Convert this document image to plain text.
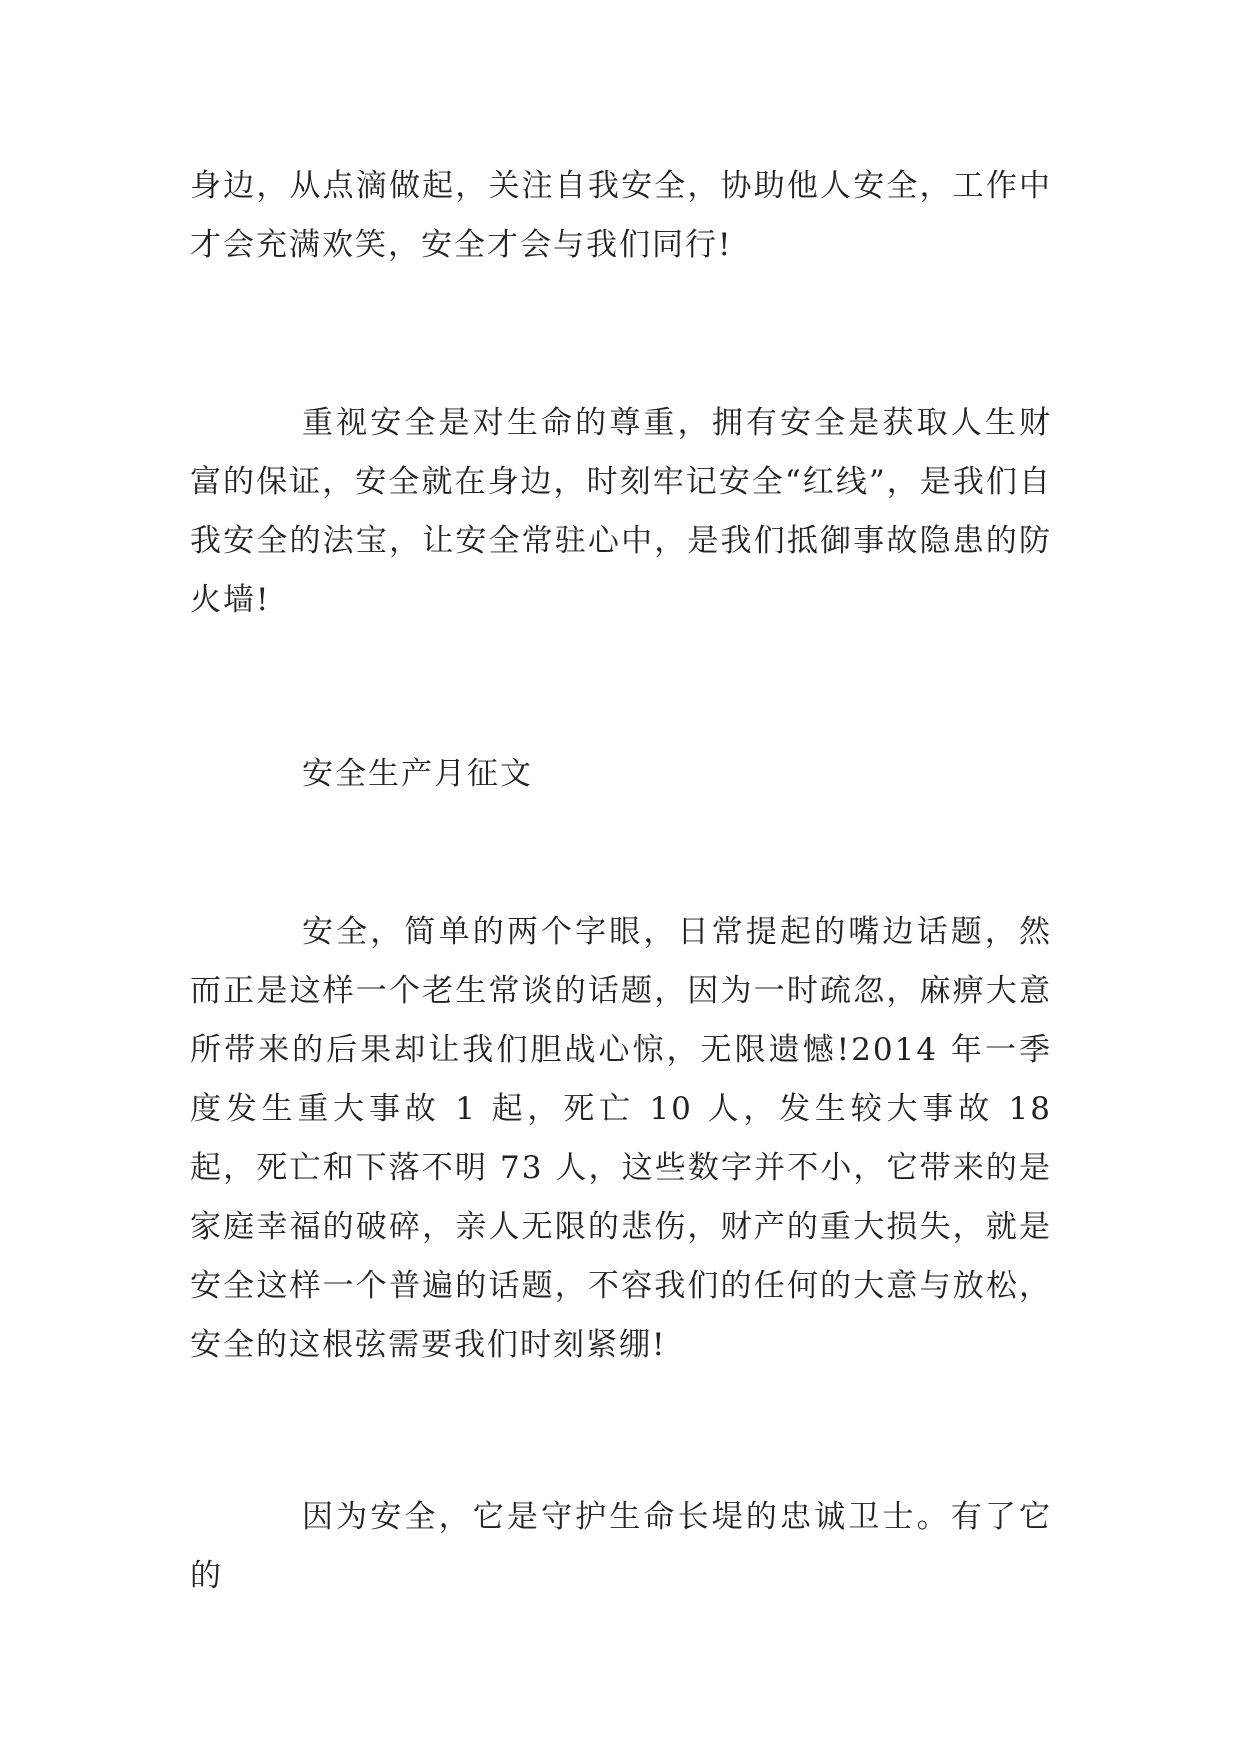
身边，从点滴做起，关注自我安全，协助他人安全，工作中才会充满欢笑，安全才会与我们同行!

重视安全是对生命的尊重，拥有安全是获取人生财富的保证，安全就在身边，时刻牢记安全“红线”，是我们自我安全的法宝，让安全常驻心中，是我们抵御事故隐患的防火墙!

安全生产月征文

安全，简单的两个字眼，日常提起的嘴边话题，然而正是这样一个老生常谈的话题，因为一时疏忽，麻痹大意所带来的后果却让我们胆战心惊，无限遗憾!2014 年一季度发生重大事故 1 起，死亡 10 人，发生较大事故 18 起，死亡和下落不明 73 人，这些数字并不小，它带来的是家庭幸福的破碎，亲人无限的悲伤，财产的重大损失，就是安全这样一个普遍的话题，不容我们的任何的大意与放松，安全的这根弦需要我们时刻紧绷!

因为安全，它是守护生命长堤的忠诚卫士。有了它的
